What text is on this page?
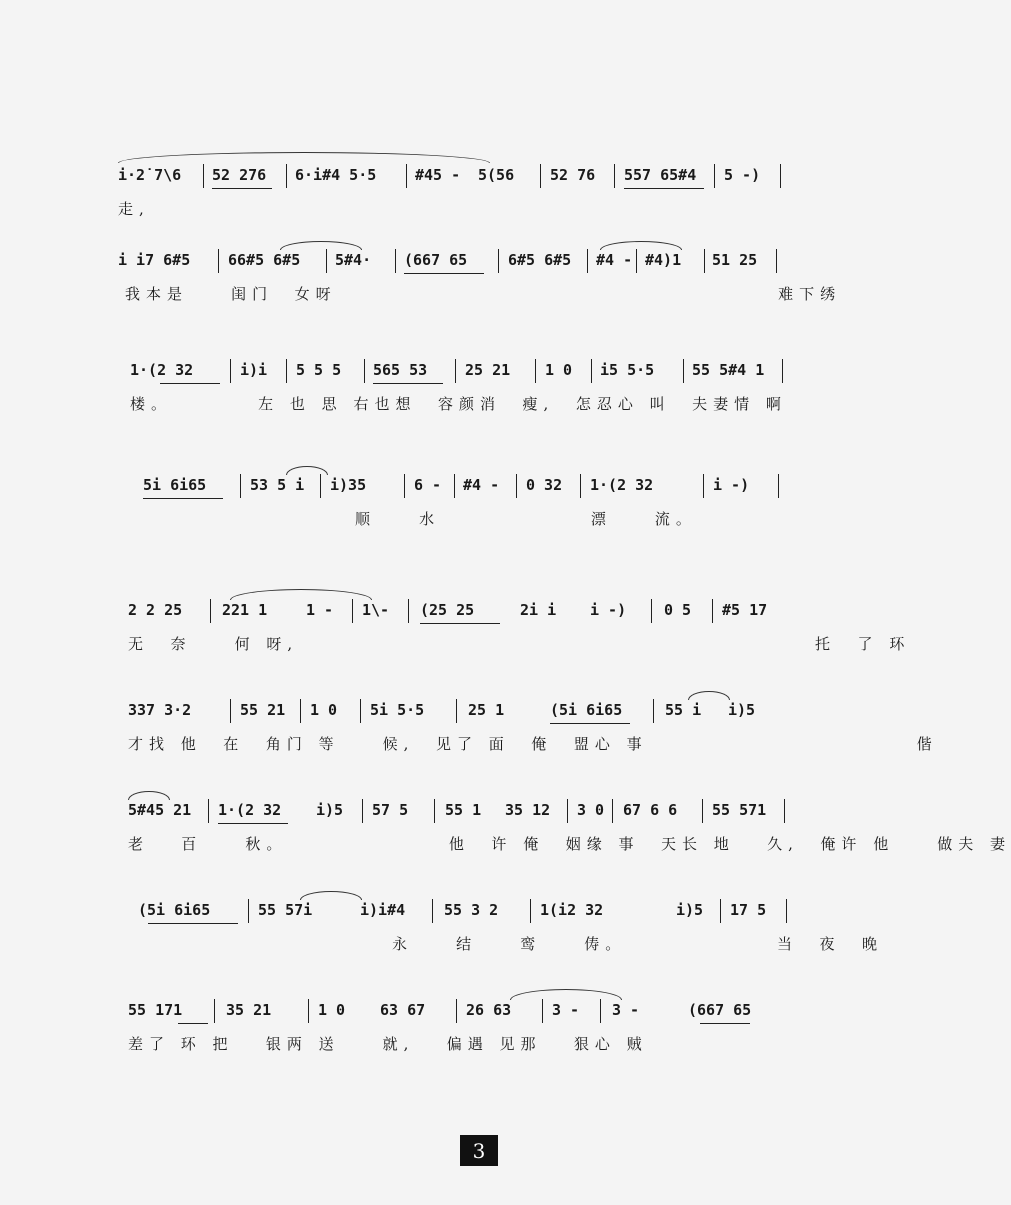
i·2˙7\6

52 276

6·i#4 5·5

	#45 -

5(56

52 76

557 65#4

5 -)

走,

i i7 6#5

	66#5 6#5

5#4·

(667 65

	6#5 6#5

#4 -

#4)1

51 25

我本是    闺门  女呀                                         难下绣

1·(2 32

	i)i

5 5 5

565 53

	25 21

1 0

i5 5·5

	55 5#4 1

楼。        左 也 思 右也想  容颜消  瘦,  怎忍心 叫  夫妻情 啊

5i 6i65

	53 5 i

i)35

	6 -

#4 -

0 32

1·(2 32

	i -)

顺    水              漂    流。

2 2 25

	221 1

	1 -

1\-

(25 25

	2i i

i -)

	0 5

#5 17

无  奈    何 呀,                                                托  了 环

337 3·2

	55 21

1 0

5i 5·5

	25 1

	(5i 6i65

	55 i

i)5

才找 他  在  角门 等    候,  见了 面  俺  盟心 事                         偕

5#45 21

1·(2 32

i)5

57 5

55 1

35 12

3 0

67 6 6

55 571

老   百    秋。               他  许 俺  姻缘 事  天长 地   久,  俺许 他    做夫 妻

(5i 6i65

	55 57i

	i)i#4

	55 3 2

	1(i2 32

	i)5

17 5

永    结    鸾    俦。              当  夜  晚

55 171

	35 21

	1 0

63 67

	26 63

	3 -

3 -

	(667 65

差了 环 把   银两 送    就,   偏遇 见那   狠心 贼
3
